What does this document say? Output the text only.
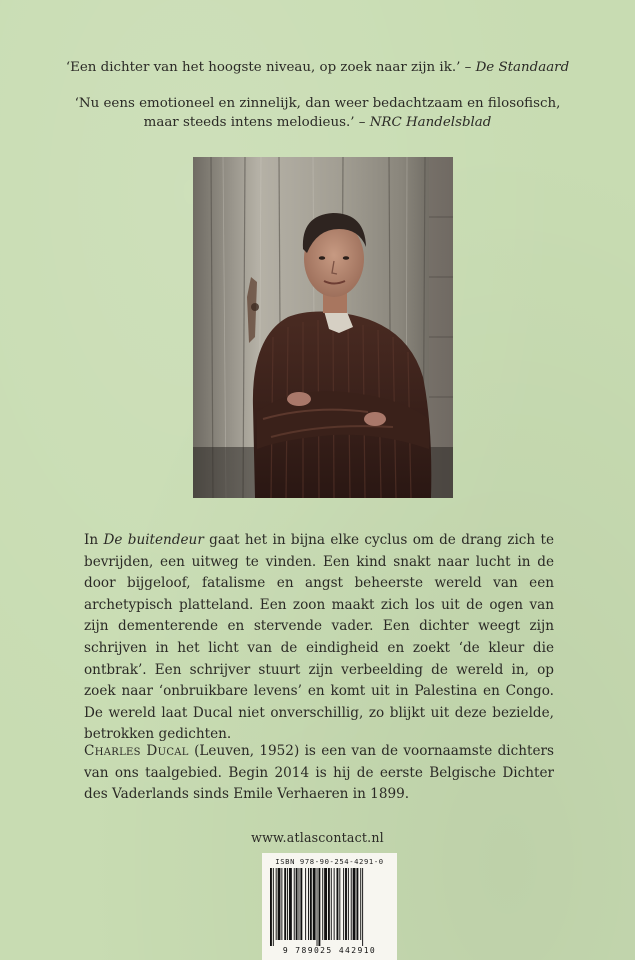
‘Een dichter van het hoogste niveau, op zoek naar zijn ik.’ – De Standaard

‘Nu eens emotioneel en zinnelijk, dan weer bedachtzaam en filosofisch,
maar steeds intens melodieus.’ – NRC Handelsblad

In De buitendeur gaat het in bijna elke cyclus om de drang zich te bevrijden, een uitweg te vinden. Een kind snakt naar lucht in de door bijgeloof, fatalisme en angst beheerste wereld van een archetypisch platteland. Een zoon maakt zich los uit de ogen van zijn dementerende en stervende vader. Een dichter weegt zijn schrijven in het licht van de eindigheid en zoekt ‘de kleur die ontbrak’. Een schrijver stuurt zijn verbeelding de wereld in, op zoek naar ‘onbruikbare levens’ en komt uit in Palestina en Congo. De wereld laat Ducal niet onverschillig, zo blijkt uit deze bezielde, betrokken gedichten.

Charles Ducal (Leuven, 1952) is een van de voornaamste dichters van ons taalgebied. Begin 2014 is hij de eerste Belgische Dichter des Vaderlands sinds Emile Verhaeren in 1899.
www.atlascontact.nl
ISBN 978-90-254-4291-0
9 789025 442910
